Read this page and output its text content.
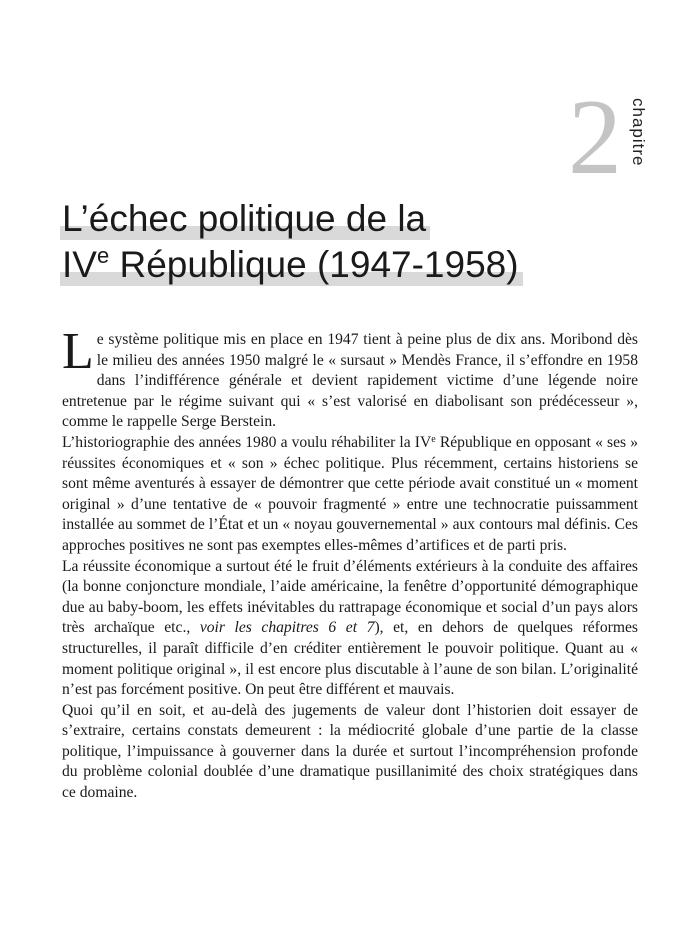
2 chapitre
L’échec politique de la

IVe République (1947-1958)

Le système politique mis en place en 1947 tient à peine plus de dix ans. Moribond dès le milieu des années 1950 malgré le « sursaut » Mendès France, il s’effondre en 1958 dans l’indifférence générale et devient rapidement victime d’une légende noire entretenue par le régime suivant qui « s’est valorisé en diabolisant son prédécesseur », comme le rappelle Serge Berstein.

L’historiographie des années 1980 a voulu réhabiliter la IVe République en opposant « ses » réussites économiques et « son » échec politique. Plus récemment, certains historiens se sont même aventurés à essayer de démontrer que cette période avait constitué un « moment original » d’une tentative de « pouvoir fragmenté » entre une technocratie puissamment installée au sommet de l’État et un « noyau gouvernemental » aux contours mal définis. Ces approches positives ne sont pas exemptes elles-mêmes d’artifices et de parti pris.

La réussite économique a surtout été le fruit d’éléments extérieurs à la conduite des affaires (la bonne conjoncture mondiale, l’aide américaine, la fenêtre d’opportunité démographique due au baby-boom, les effets inévitables du rattrapage économique et social d’un pays alors très archaïque etc., voir les chapitres 6 et 7), et, en dehors de quelques réformes structurelles, il paraît difficile d’en créditer entièrement le pouvoir politique. Quant au « moment politique original », il est encore plus discutable à l’aune de son bilan. L’originalité n’est pas forcément positive. On peut être différent et mauvais.

Quoi qu’il en soit, et au-delà des jugements de valeur dont l’historien doit essayer de s’extraire, certains constats demeurent : la médiocrité globale d’une partie de la classe politique, l’impuissance à gouverner dans la durée et surtout l’incompréhension profonde du problème colonial doublée d’une dramatique pusillanimité des choix stratégiques dans ce domaine.
